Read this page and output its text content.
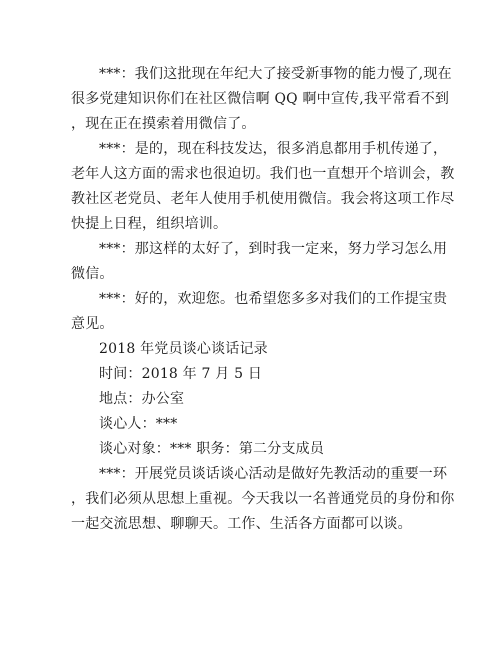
***：我们这批现在年纪大了接受新事物的能力慢了,现在
很多党建知识你们在社区微信啊 QQ 啊中宣传,我平常看不到
，现在正在摸索着用微信了。
***：是的，现在科技发达，很多消息都用手机传递了，
老年人这方面的需求也很迫切。我们也一直想开个培训会，教
教社区老党员、老年人使用手机使用微信。我会将这项工作尽
快提上日程，组织培训。
***：那这样的太好了，到时我一定来，努力学习怎么用
微信。
***：好的，欢迎您。也希望您多多对我们的工作提宝贵
意见。
2018 年党员谈心谈话记录
时间：2018 年 7 月 5 日
地点：办公室
谈心人：***
谈心对象：*** 职务：第二分支成员
***：开展党员谈话谈心活动是做好先教活动的重要一环
，我们必须从思想上重视。今天我以一名普通党员的身份和你
一起交流思想、聊聊天。工作、生活各方面都可以谈。
